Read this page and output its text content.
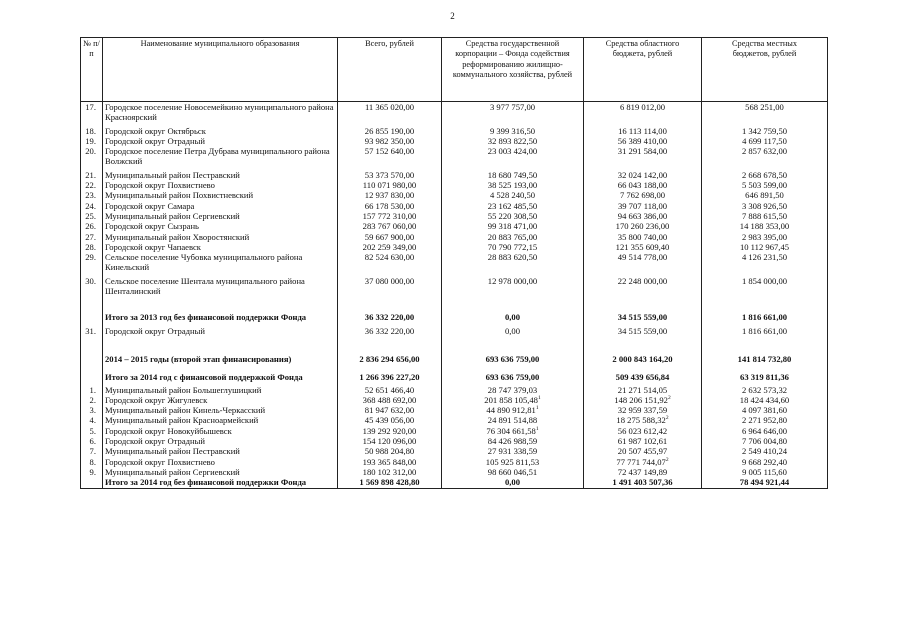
2
№ п/п	Наименование муниципального образования	Всего, рублей	Средства государственной корпорации – Фонда содействия реформированию жилищно-коммунального хозяйства, рублей	Средства областного бюджета, рублей	Средства местных бюджетов, рублей
17.	Городское поселение Новосемейкино муниципального района Красноярский	11 365 020,00	3 977 757,00	6 819 012,00	568 251,00
18.	Городской округ Октябрьск	26 855 190,00	9 399 316,50	16 113 114,00	1 342 759,50
19.	Городской округ Отрадный	93 982 350,00	32 893 822,50	56 389 410,00	4 699 117,50
20.	Городское поселение Петра Дубрава муниципального района Волжский	57 152 640,00	23 003 424,00	31 291 584,00	2 857 632,00
21.	Муниципальный район Пестравский	53 373 570,00	18 680 749,50	32 024 142,00	2 668 678,50
22.	Городской округ Похвистнево	110 071 980,00	38 525 193,00	66 043 188,00	5 503 599,00
23.	Муниципальный район Похвистневский	12 937 830,00	4 528 240,50	7 762 698,00	646 891,50
24.	Городской округ Самара	66 178 530,00	23 162 485,50	39 707 118,00	3 308 926,50
25.	Муниципальный район Сергиевский	157 772 310,00	55 220 308,50	94 663 386,00	7 888 615,50
26.	Городской округ Сызрань	283 767 060,00	99 318 471,00	170 260 236,00	14 188 353,00
27.	Муниципальный район Хворостянский	59 667 900,00	20 883 765,00	35 800 740,00	2 983 395,00
28.	Городской округ Чапаевск	202 259 349,00	70 790 772,15	121 355 609,40	10 112 967,45
29.	Сельское поселение Чубовка муниципального района Кинельский	82 524 630,00	28 883 620,50	49 514 778,00	4 126 231,50
30.	Сельское поселение Шентала муниципального района Шенталинский	37 080 000,00	12 978 000,00	22 248 000,00	1 854 000,00
	Итого за 2013 год без финансовой поддержки Фонда	36 332 220,00	0,00	34 515 559,00	1 816 661,00
31.	Городской округ Отрадный	36 332 220,00	0,00	34 515 559,00	1 816 661,00
	2014 – 2015 годы (второй этап финансирования)	2 836 294 656,00	693 636 759,00	2 000 843 164,20	141 814 732,80
	Итого за 2014 год с финансовой поддержкой Фонда	1 266 396 227,20	693 636 759,00	509 439 656,84	63 319 811,36
1.	Муниципальный район Большеглушицкий	52 651 466,40	28 747 379,03	21 271 514,05	2 632 573,32
2.	Городской округ Жигулевск	368 488 692,00	201 858 105,48$^1$	148 206 151,92$^2$	18 424 434,60
3.	Муниципальный район Кинель-Черкасский	81 947 632,00	44 890 912,81$^1$	32 959 337,59	4 097 381,60
4.	Муниципальный район Красноармейский	45 439 056,00	24 891 514,88	18 275 588,32$^2$	2 271 952,80
5.	Городской округ Новокуйбышевск	139 292 920,00	76 304 661,58$^1$	56 023 612,42	6 964 646,00
6.	Городской округ Отрадный	154 120 096,00	84 426 988,59	61 987 102,61	7 706 004,80
7.	Муниципальный район Пестравский	50 988 204,80	27 931 338,59	20 507 455,97	2 549 410,24
8.	Городской округ Похвистнево	193 365 848,00	105 925 811,53	77 771 744,07$^2$	9 668 292,40
9.	Муниципальный район Сергиевский	180 102 312,00	98 660 046,51	72 437 149,89	9 005 115,60
	Итого за 2014 год без финансовой поддержки Фонда	1 569 898 428,80	0,00	1 491 403 507,36	78 494 921,44
